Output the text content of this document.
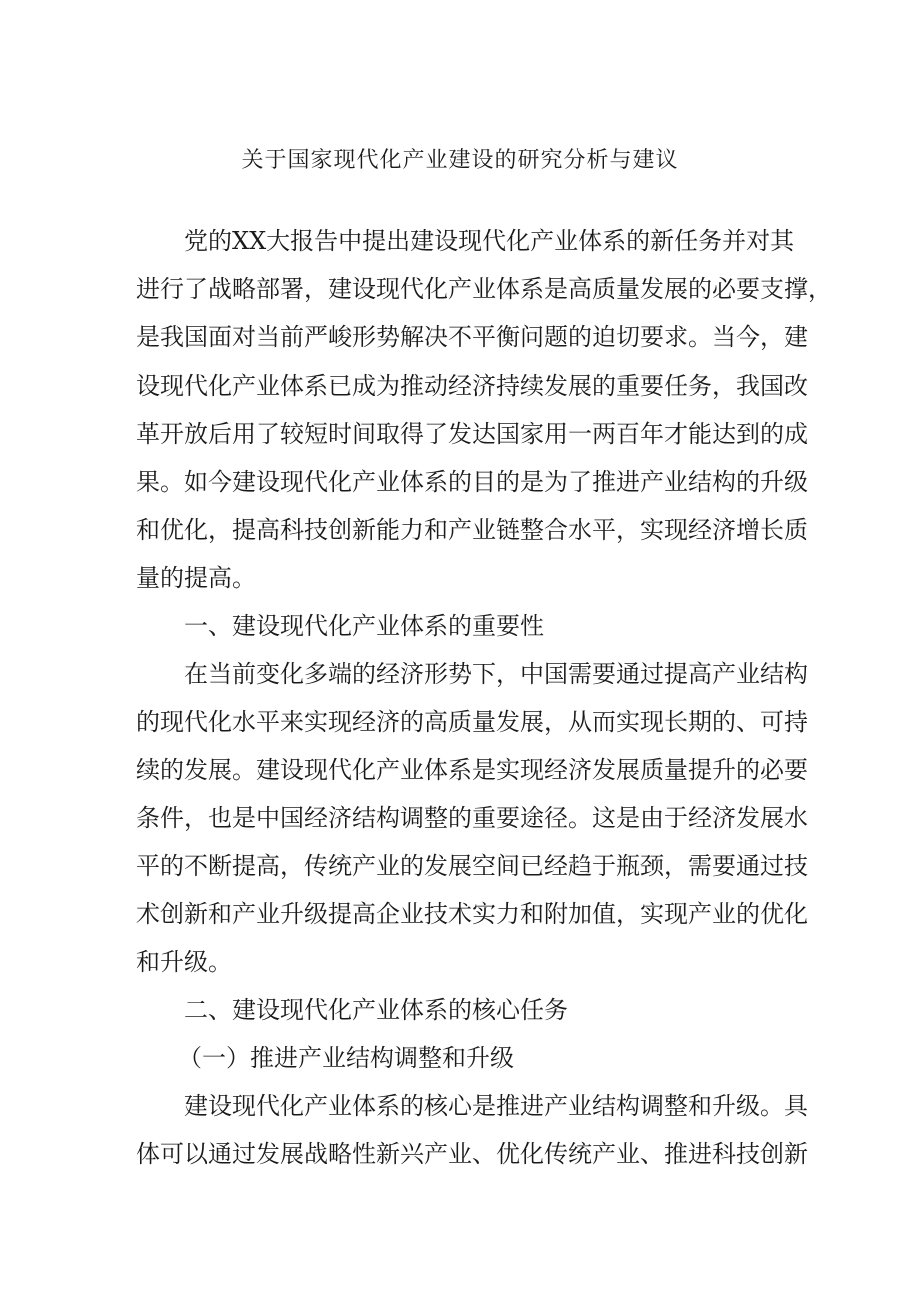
关于国家现代化产业建设的研究分析与建议

党的XX大报告中提出建设现代化产业体系的新任务并对其

进行了战略部署，建设现代化产业体系是高质量发展的必要支撑，

是我国面对当前严峻形势解决不平衡问题的迫切要求。当今，建

设现代化产业体系已成为推动经济持续发展的重要任务，我国改

革开放后用了较短时间取得了发达国家用一两百年才能达到的成

果。如今建设现代化产业体系的目的是为了推进产业结构的升级

和优化，提高科技创新能力和产业链整合水平，实现经济增长质

量的提高。

一、建设现代化产业体系的重要性

在当前变化多端的经济形势下，中国需要通过提高产业结构

的现代化水平来实现经济的高质量发展，从而实现长期的、可持

续的发展。建设现代化产业体系是实现经济发展质量提升的必要

条件，也是中国经济结构调整的重要途径。这是由于经济发展水

平的不断提高，传统产业的发展空间已经趋于瓶颈，需要通过技

术创新和产业升级提高企业技术实力和附加值，实现产业的优化

和升级。

二、建设现代化产业体系的核心任务

（一）推进产业结构调整和升级

建设现代化产业体系的核心是推进产业结构调整和升级。具

体可以通过发展战略性新兴产业、优化传统产业、推进科技创新
